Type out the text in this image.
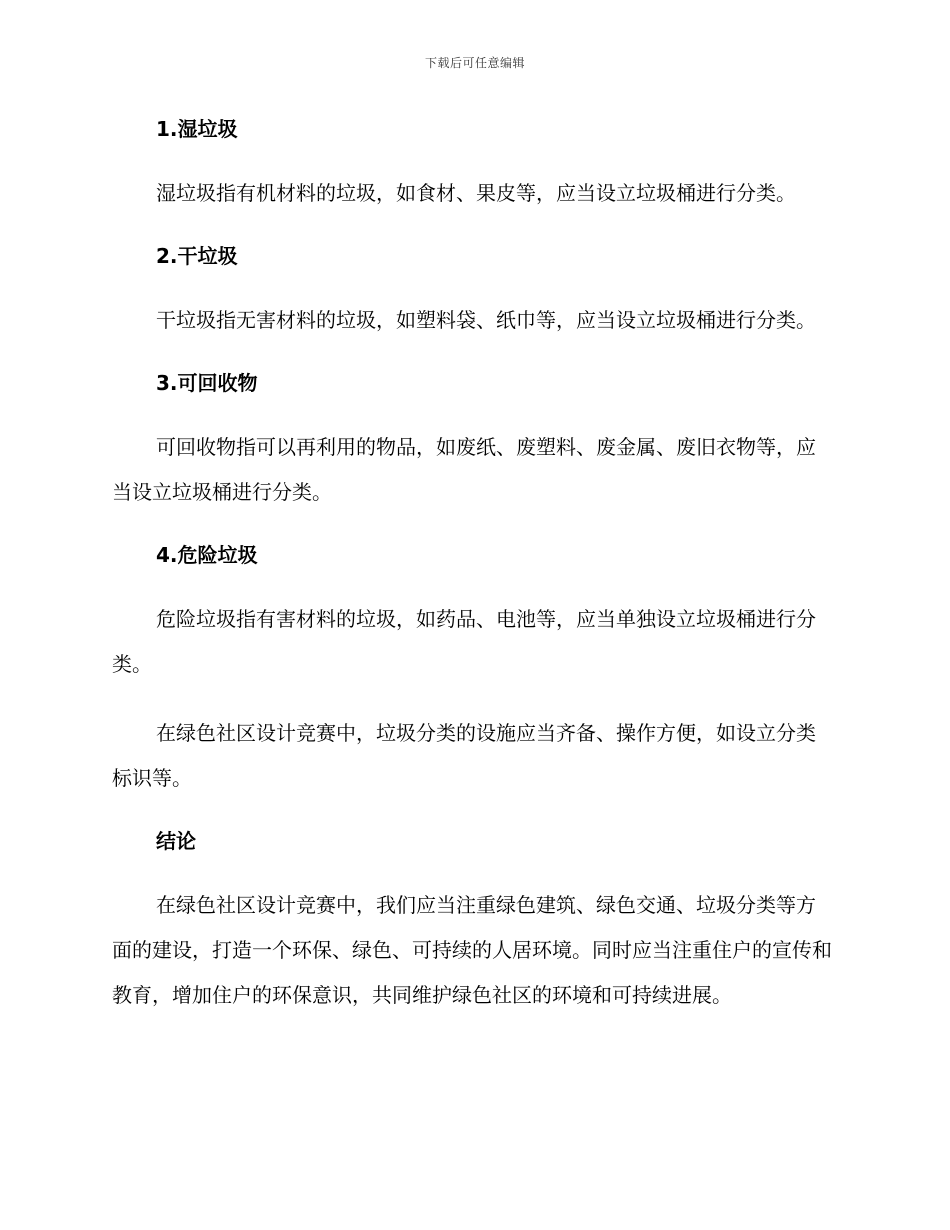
下载后可任意编辑
1.湿垃圾

湿垃圾指有机材料的垃圾，如食材、果皮等，应当设立垃圾桶进行分类。

2.干垃圾

干垃圾指无害材料的垃圾，如塑料袋、纸巾等，应当设立垃圾桶进行分类。

3.可回收物

可回收物指可以再利用的物品，如废纸、废塑料、废金属、废旧衣物等，应当设立垃圾桶进行分类。

4.危险垃圾

危险垃圾指有害材料的垃圾，如药品、电池等，应当单独设立垃圾桶进行分类。

在绿色社区设计竞赛中，垃圾分类的设施应当齐备、操作方便，如设立分类标识等。

结论

在绿色社区设计竞赛中，我们应当注重绿色建筑、绿色交通、垃圾分类等方面的建设，打造一个环保、绿色、可持续的人居环境。同时应当注重住户的宣传和教育，增加住户的环保意识，共同维护绿色社区的环境和可持续进展。
